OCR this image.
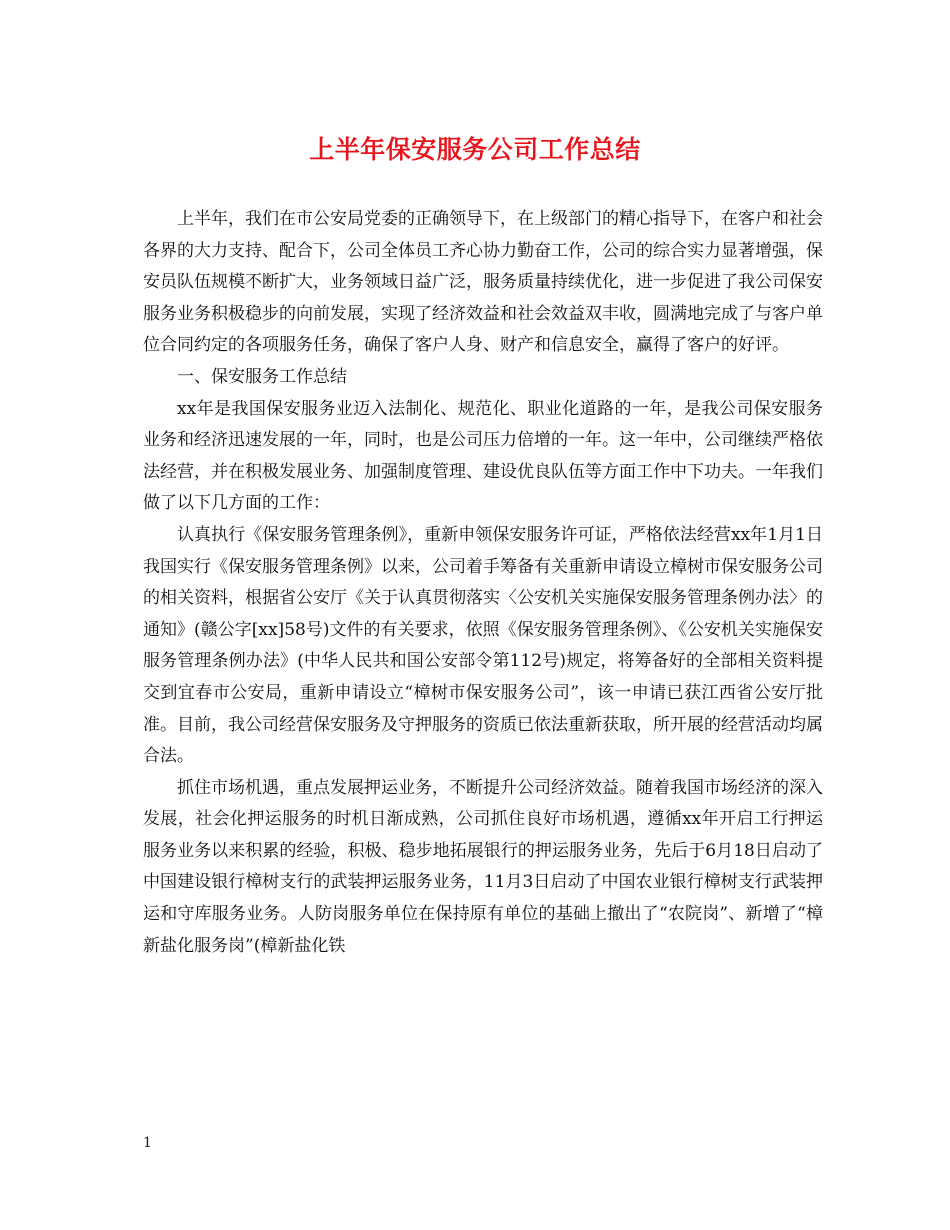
上半年保安服务公司工作总结

上半年，我们在市公安局党委的正确领导下，在上级部门的精心指导下，在客户和社会各界的大力支持、配合下，公司全体员工齐心协力勤奋工作，公司的综合实力显著增强，保安员队伍规模不断扩大，业务领域日益广泛，服务质量持续优化，进一步促进了我公司保安服务业务积极稳步的向前发展，实现了经济效益和社会效益双丰收，圆满地完成了与客户单位合同约定的各项服务任务，确保了客户人身、财产和信息安全，赢得了客户的好评。

一、保安服务工作总结

xx年是我国保安服务业迈入法制化、规范化、职业化道路的一年，是我公司保安服务业务和经济迅速发展的一年，同时，也是公司压力倍增的一年。这一年中，公司继续严格依法经营，并在积极发展业务、加强制度管理、建设优良队伍等方面工作中下功夫。一年我们做了以下几方面的工作：

认真执行《保安服务管理条例》，重新申领保安服务许可证，严格依法经营xx年1月1日我国实行《保安服务管理条例》以来，公司着手筹备有关重新申请设立樟树市保安服务公司的相关资料，根据省公安厅《关于认真贯彻落实〈公安机关实施保安服务管理条例办法〉的通知》(赣公字[xx]58号)文件的有关要求，依照《保安服务管理条例》、《公安机关实施保安服务管理条例办法》(中华人民共和国公安部令第112号)规定，将筹备好的全部相关资料提交到宜春市公安局，重新申请设立“樟树市保安服务公司”，该一申请已获江西省公安厅批准。目前，我公司经营保安服务及守押服务的资质已依法重新获取，所开展的经营活动均属合法。

抓住市场机遇，重点发展押运业务，不断提升公司经济效益。随着我国市场经济的深入发展，社会化押运服务的时机日渐成熟，公司抓住良好市场机遇，遵循xx年开启工行押运服务业务以来积累的经验，积极、稳步地拓展银行的押运服务业务，先后于6月18日启动了中国建设银行樟树支行的武装押运服务业务，11月3日启动了中国农业银行樟树支行武装押运和守库服务业务。人防岗服务单位在保持原有单位的基础上撤出了“农院岗”、新增了“樟新盐化服务岗”(樟新盐化铁

1
